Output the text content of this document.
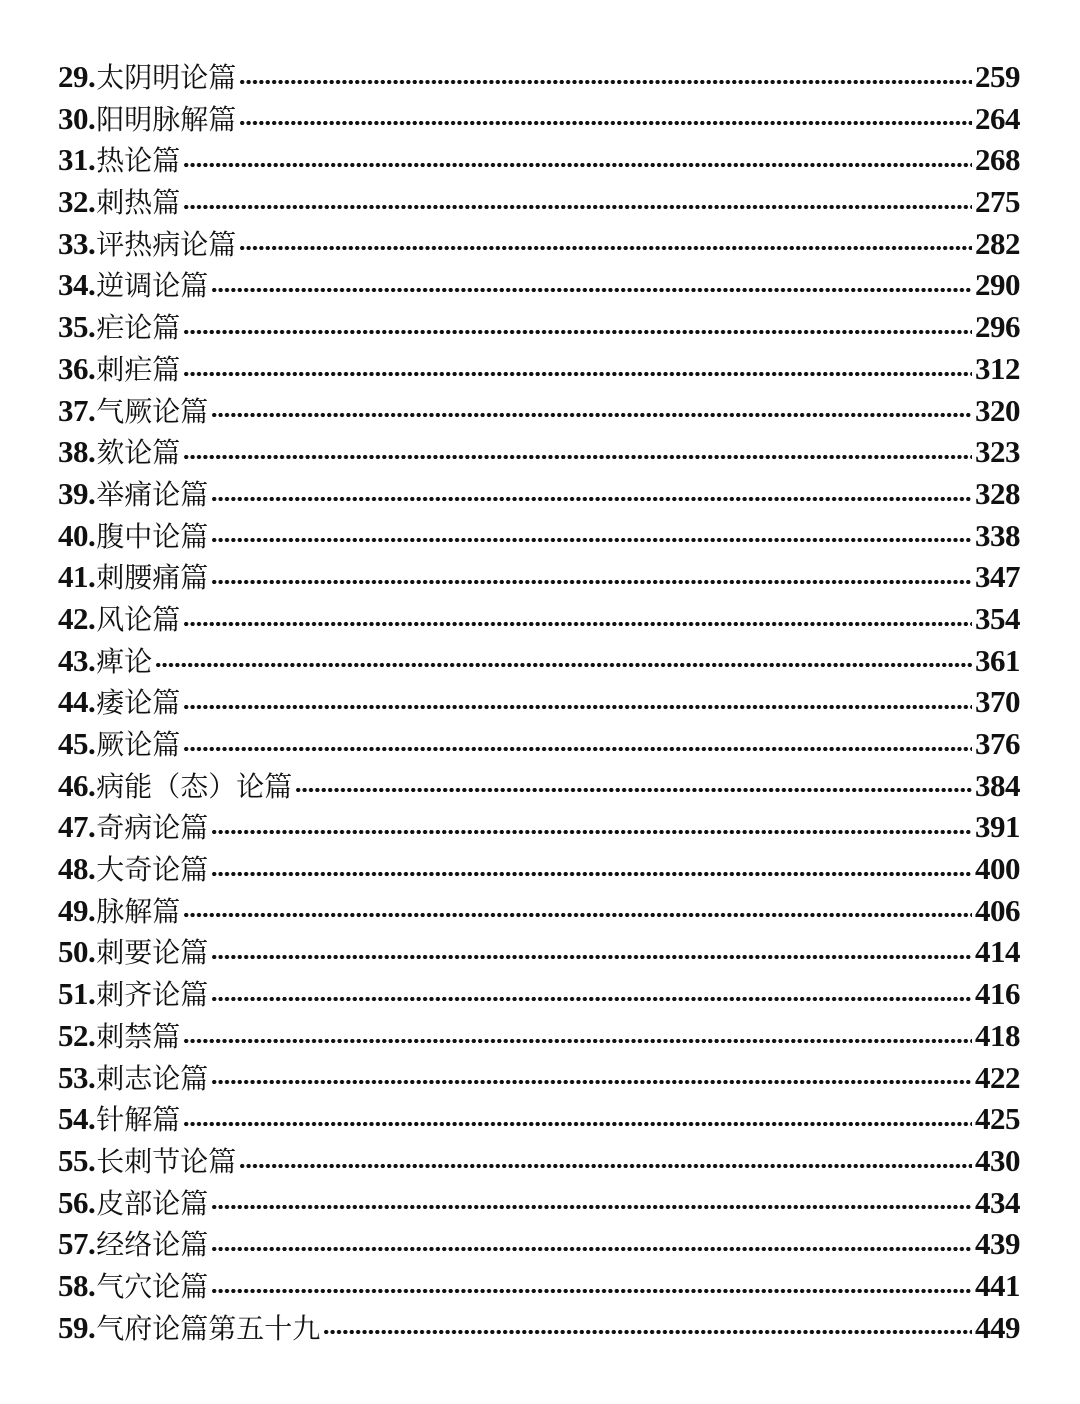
29. 太阴明论篇	259
30. 阳明脉解篇	264
31. 热论篇	268
32. 刺热篇	275
33. 评热病论篇	282
34. 逆调论篇	290
35. 疟论篇	296
36. 刺疟篇	312
37. 气厥论篇	320
38. 欬论篇	323
39. 举痛论篇	328
40. 腹中论篇	338
41. 刺腰痛篇	347
42. 风论篇	354
43. 痺论	361
44. 痿论篇	370
45. 厥论篇	376
46. 病能（态）论篇	384
47. 奇病论篇	391
48. 大奇论篇	400
49. 脉解篇	406
50. 刺要论篇	414
51. 刺齐论篇	416
52. 刺禁篇	418
53. 刺志论篇	422
54. 针解篇	425
55. 长刺节论篇	430
56. 皮部论篇	434
57. 经络论篇	439
58. 气穴论篇	441
59. 气府论篇第五十九	449
